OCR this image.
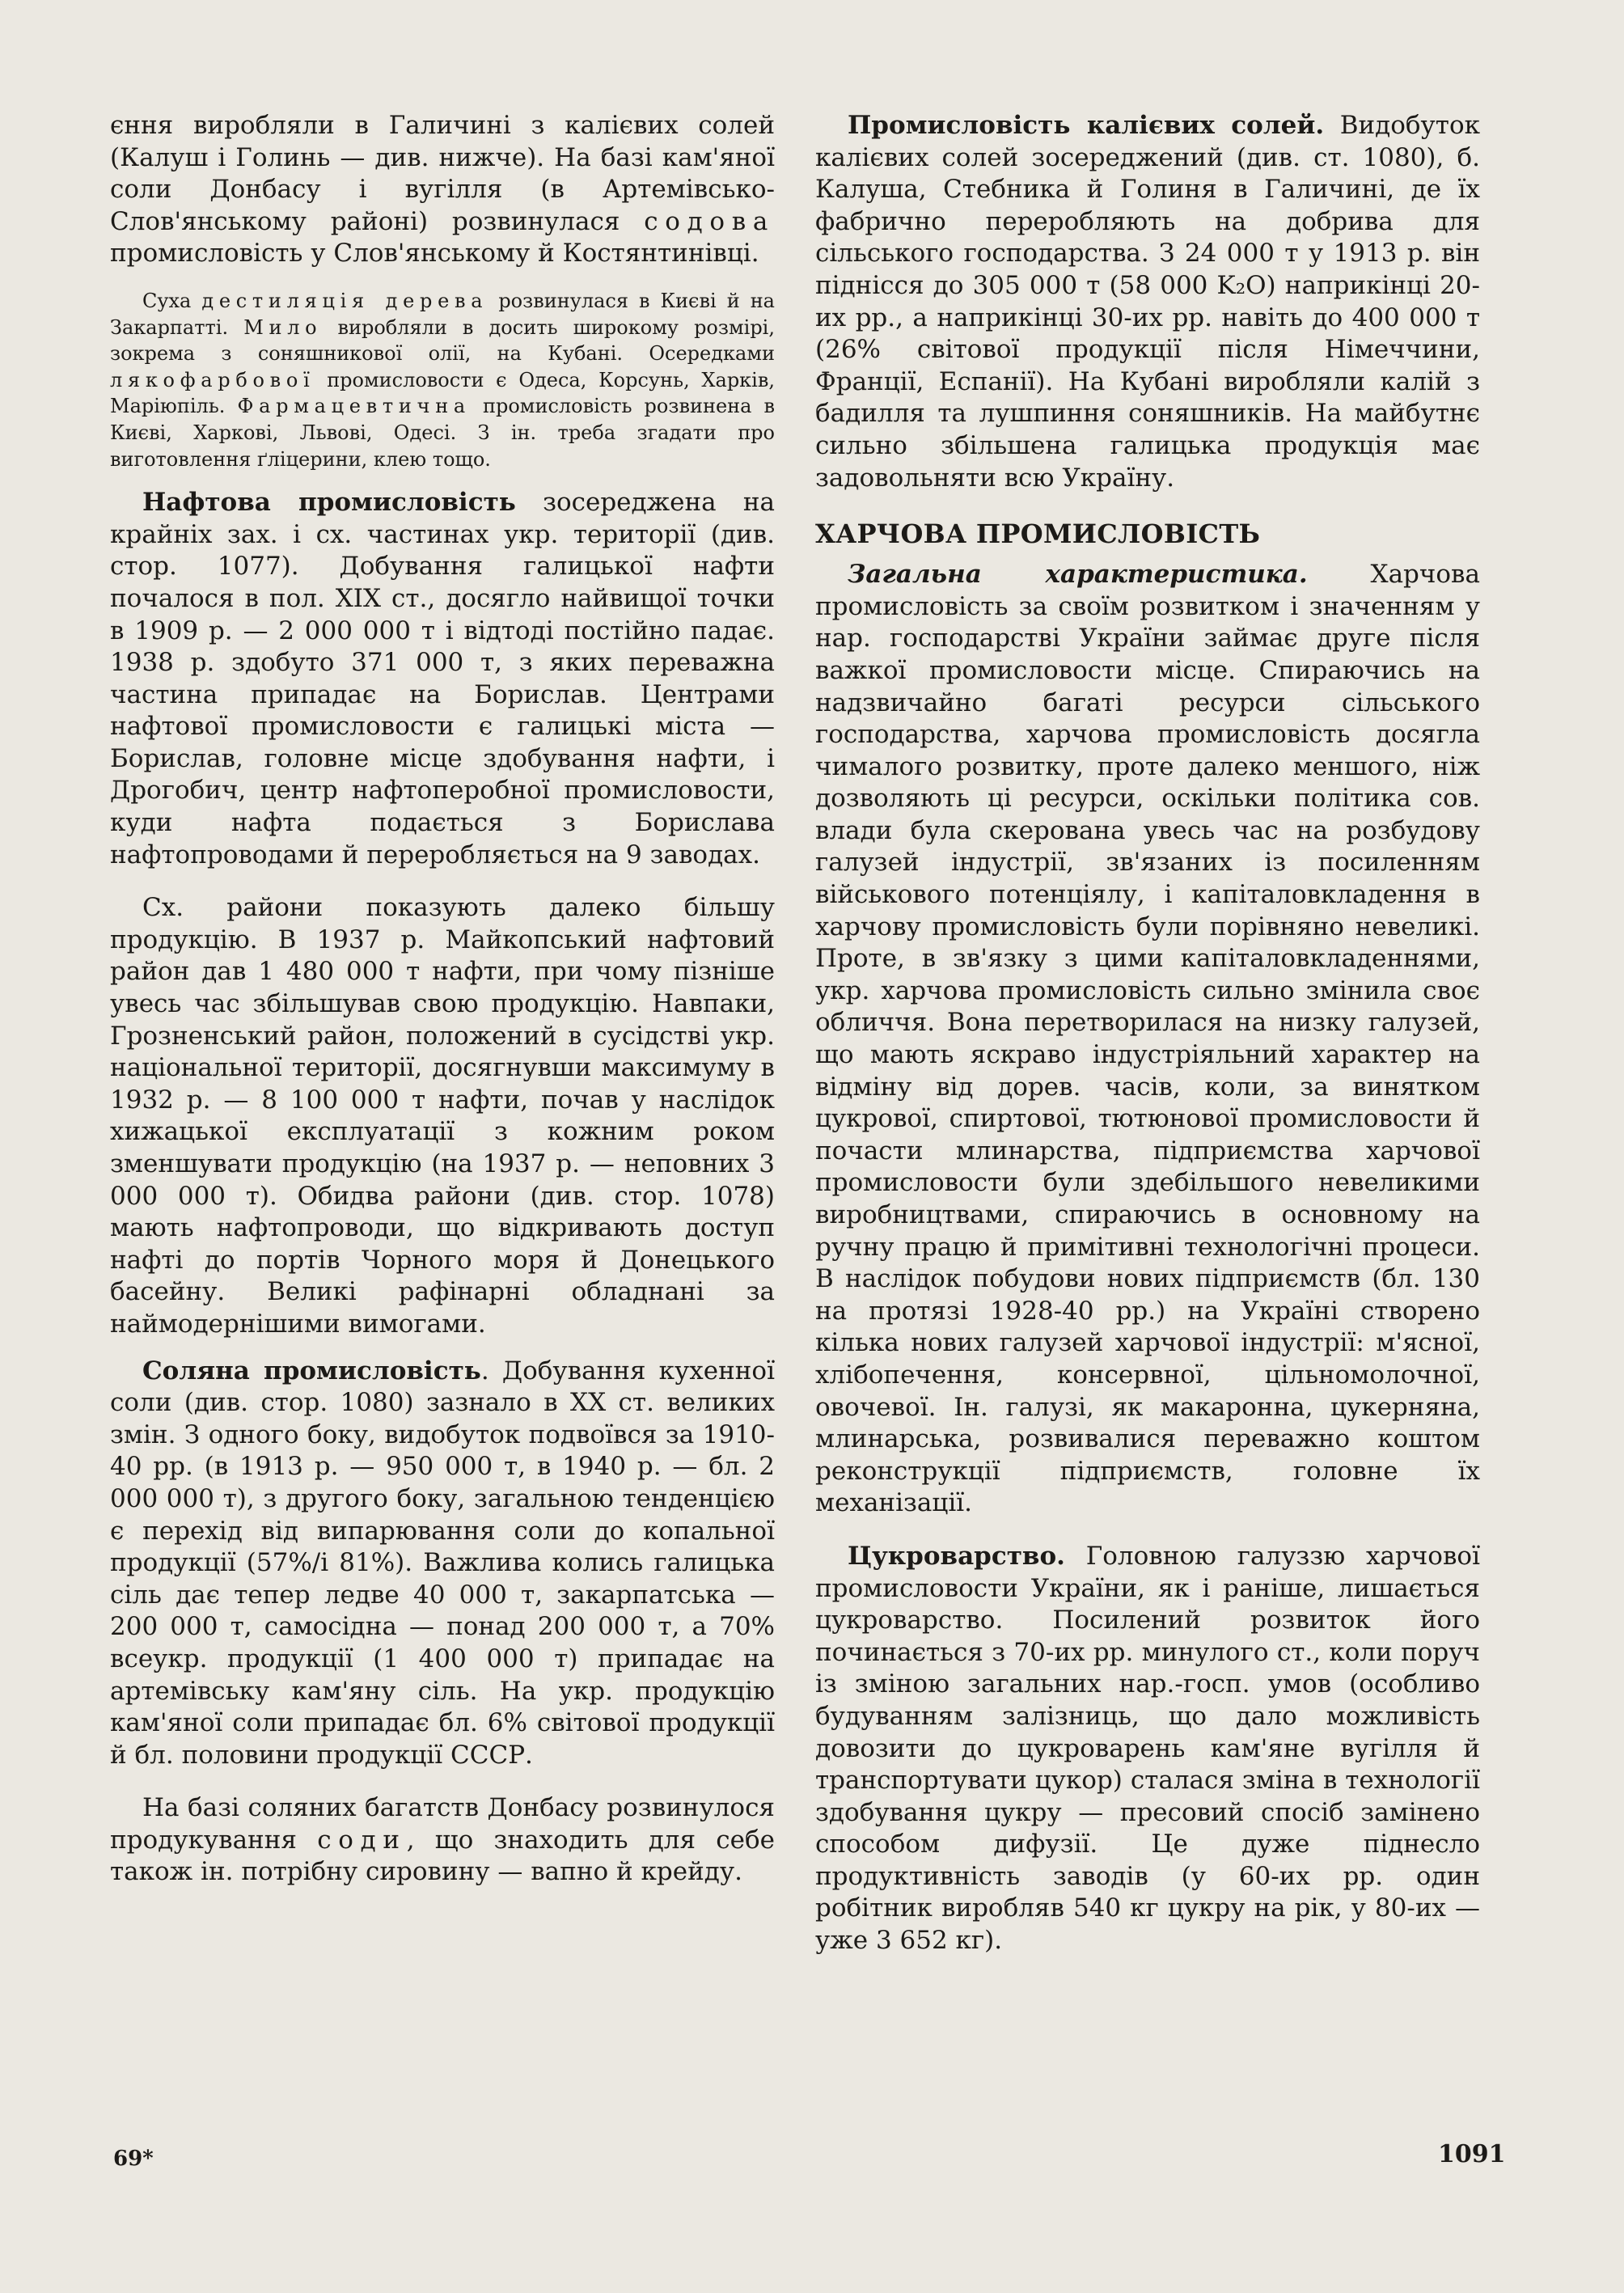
єння виробляли в Галичині з калієвих солей (Калуш і Голинь — див. нижче). На базі кам'яної соли Донбасу і вугілля (в Артемівсько-Слов'янському районі) розвинулася содова промисловість у Слов'янському й Костянтинівці.

Суха дестиляція дерева розвинулася в Києві й на Закарпатті. Мило виробляли в досить широкому розмірі, зокрема з соняшникової олії, на Кубані. Осередками лякофарбової промисловости є Одеса, Корсунь, Харків, Маріюпіль. Фармацевтична промисловість розвинена в Києві, Харкові, Львові, Одесі. З ін. треба згадати про виготовлення ґліцерини, клею тощо.

Нафтова промисловість зосереджена на крайніх зах. і сх. частинах укр. території (див. стор. 1077). Добування галицької нафти почалося в пол. XIX ст., досягло найвищої точки в 1909 р. — 2 000 000 т і відтоді постійно падає. 1938 р. здобуто 371 000 т, з яких переважна частина припадає на Борислав. Центрами нафтової промисловости є галицькі міста — Борислав, головне місце здобування нафти, і Дрогобич, центр нафтоперобної промисловости, куди нафта подається з Борислава нафтопроводами й переробляється на 9 заводах.

Сх. райони показують далеко більшу продукцію. В 1937 р. Майкопський нафтовий район дав 1 480 000 т нафти, при чому пізніше увесь час збільшував свою продукцію. Навпаки, Грозненський район, положений в сусідстві укр. національної території, досягнувши максимуму в 1932 р. — 8 100 000 т нафти, почав у наслідок хижацької експлуатації з кожним роком зменшувати продукцію (на 1937 р. — неповних 3 000 000 т). Обидва райони (див. стор. 1078) мають нафтопроводи, що відкривають доступ нафті до портів Чорного моря й Донецького басейну. Великі рафінарні обладнані за наймодернішими вимогами.

Соляна промисловість. Добування кухенної соли (див. стор. 1080) зазнало в XX ст. великих змін. З одного боку, видобуток подвоївся за 1910-40 рр. (в 1913 р. — 950 000 т, в 1940 р. — бл. 2 000 000 т), з другого боку, загальною тенденцією є перехід від випарювання соли до копальної продукції (57%/і 81%). Важлива колись галицька сіль дає тепер ледве 40 000 т, закарпатська — 200 000 т, самосідна — понад 200 000 т, а 70% всеукр. продукції (1 400 000 т) припадає на артемівську кам'яну сіль. На укр. продукцію кам'яної соли припадає бл. 6% світової продукції й бл. половини продукції СССР.

На базі соляних багатств Донбасу розвинулося продукування соди, що знаходить для себе також ін. потрібну сировину — вапно й крейду.

Промисловість калієвих солей. Видобуток калієвих солей зосереджений (див. ст. 1080), б. Калуша, Стебника й Голиня в Галичині, де їх фабрично переробляють на добрива для сільського господарства. З 24 000 т у 1913 р. він піднісся до 305 000 т (58 000 K₂O) наприкінці 20-их рр., а наприкінці 30-их рр. навіть до 400 000 т (26% світової продукції після Німеччини, Франції, Еспанії). На Кубані виробляли калій з бадилля та лушпиння соняшників. На майбутнє сильно збільшена галицька продукція має задовольняти всю Україну.

ХАРЧОВА ПРОМИСЛОВІСТЬ

Загальна характеристика.	Харчова промисловість за своїм розвитком і значенням у нар. господарстві України займає друге після важкої промисловости місце. Спираючись на надзвичайно багаті ресурси сільського господарства, харчова промисловість досягла чималого розвитку, проте далеко меншого, ніж дозволяють ці ресурси, оскільки політика сов. влади була скерована увесь час на розбудову галузей індустрії, зв'язаних із посиленням військового потенціялу, і капіталовкладення в харчову промисловість були порівняно невеликі. Проте, в зв'язку з цими капіталовкладеннями, укр. харчова промисловість сильно змінила своє обличчя. Вона перетворилася на низку галузей, що мають яскраво індустріяльний характер на відміну від дорев. часів, коли, за винятком цукрової, спиртової, тютюнової промисловости й почасти млинарства, підприємства харчової промисловости були здебільшого невеликими виробництвами, спираючись в основному на ручну працю й примітивні технологічні процеси. В наслідок побудови нових підприємств (бл. 130 на протязі 1928-40 рр.) на Україні створено кілька нових галузей харчової індустрії: м'ясної, хлібопечення, консервної, цільномолочної, овочевої. Ін. галузі, як макаронна, цукерняна, млинарська, розвивалися переважно коштом реконструкції підприємств, головне їх механізації.

Цукроварство. Головною галуззю харчової промисловости України, як і раніше, лишається цукроварство. Посилений розвиток його починається з 70-их рр. минулого ст., коли поруч із зміною загальних нар.-госп. умов (особливо будуванням залізниць, що дало можливість довозити до цукроварень кам'яне вугілля й транспортувати цукор) сталася зміна в технології здобування цукру — пресовий спосіб замінено способом дифузії. Це дуже піднесло продуктивність заводів (у 60-их рр. один робітник виробляв 540 кг цукру на рік, у 80-их — уже 3 652 кг).

69*	1091
